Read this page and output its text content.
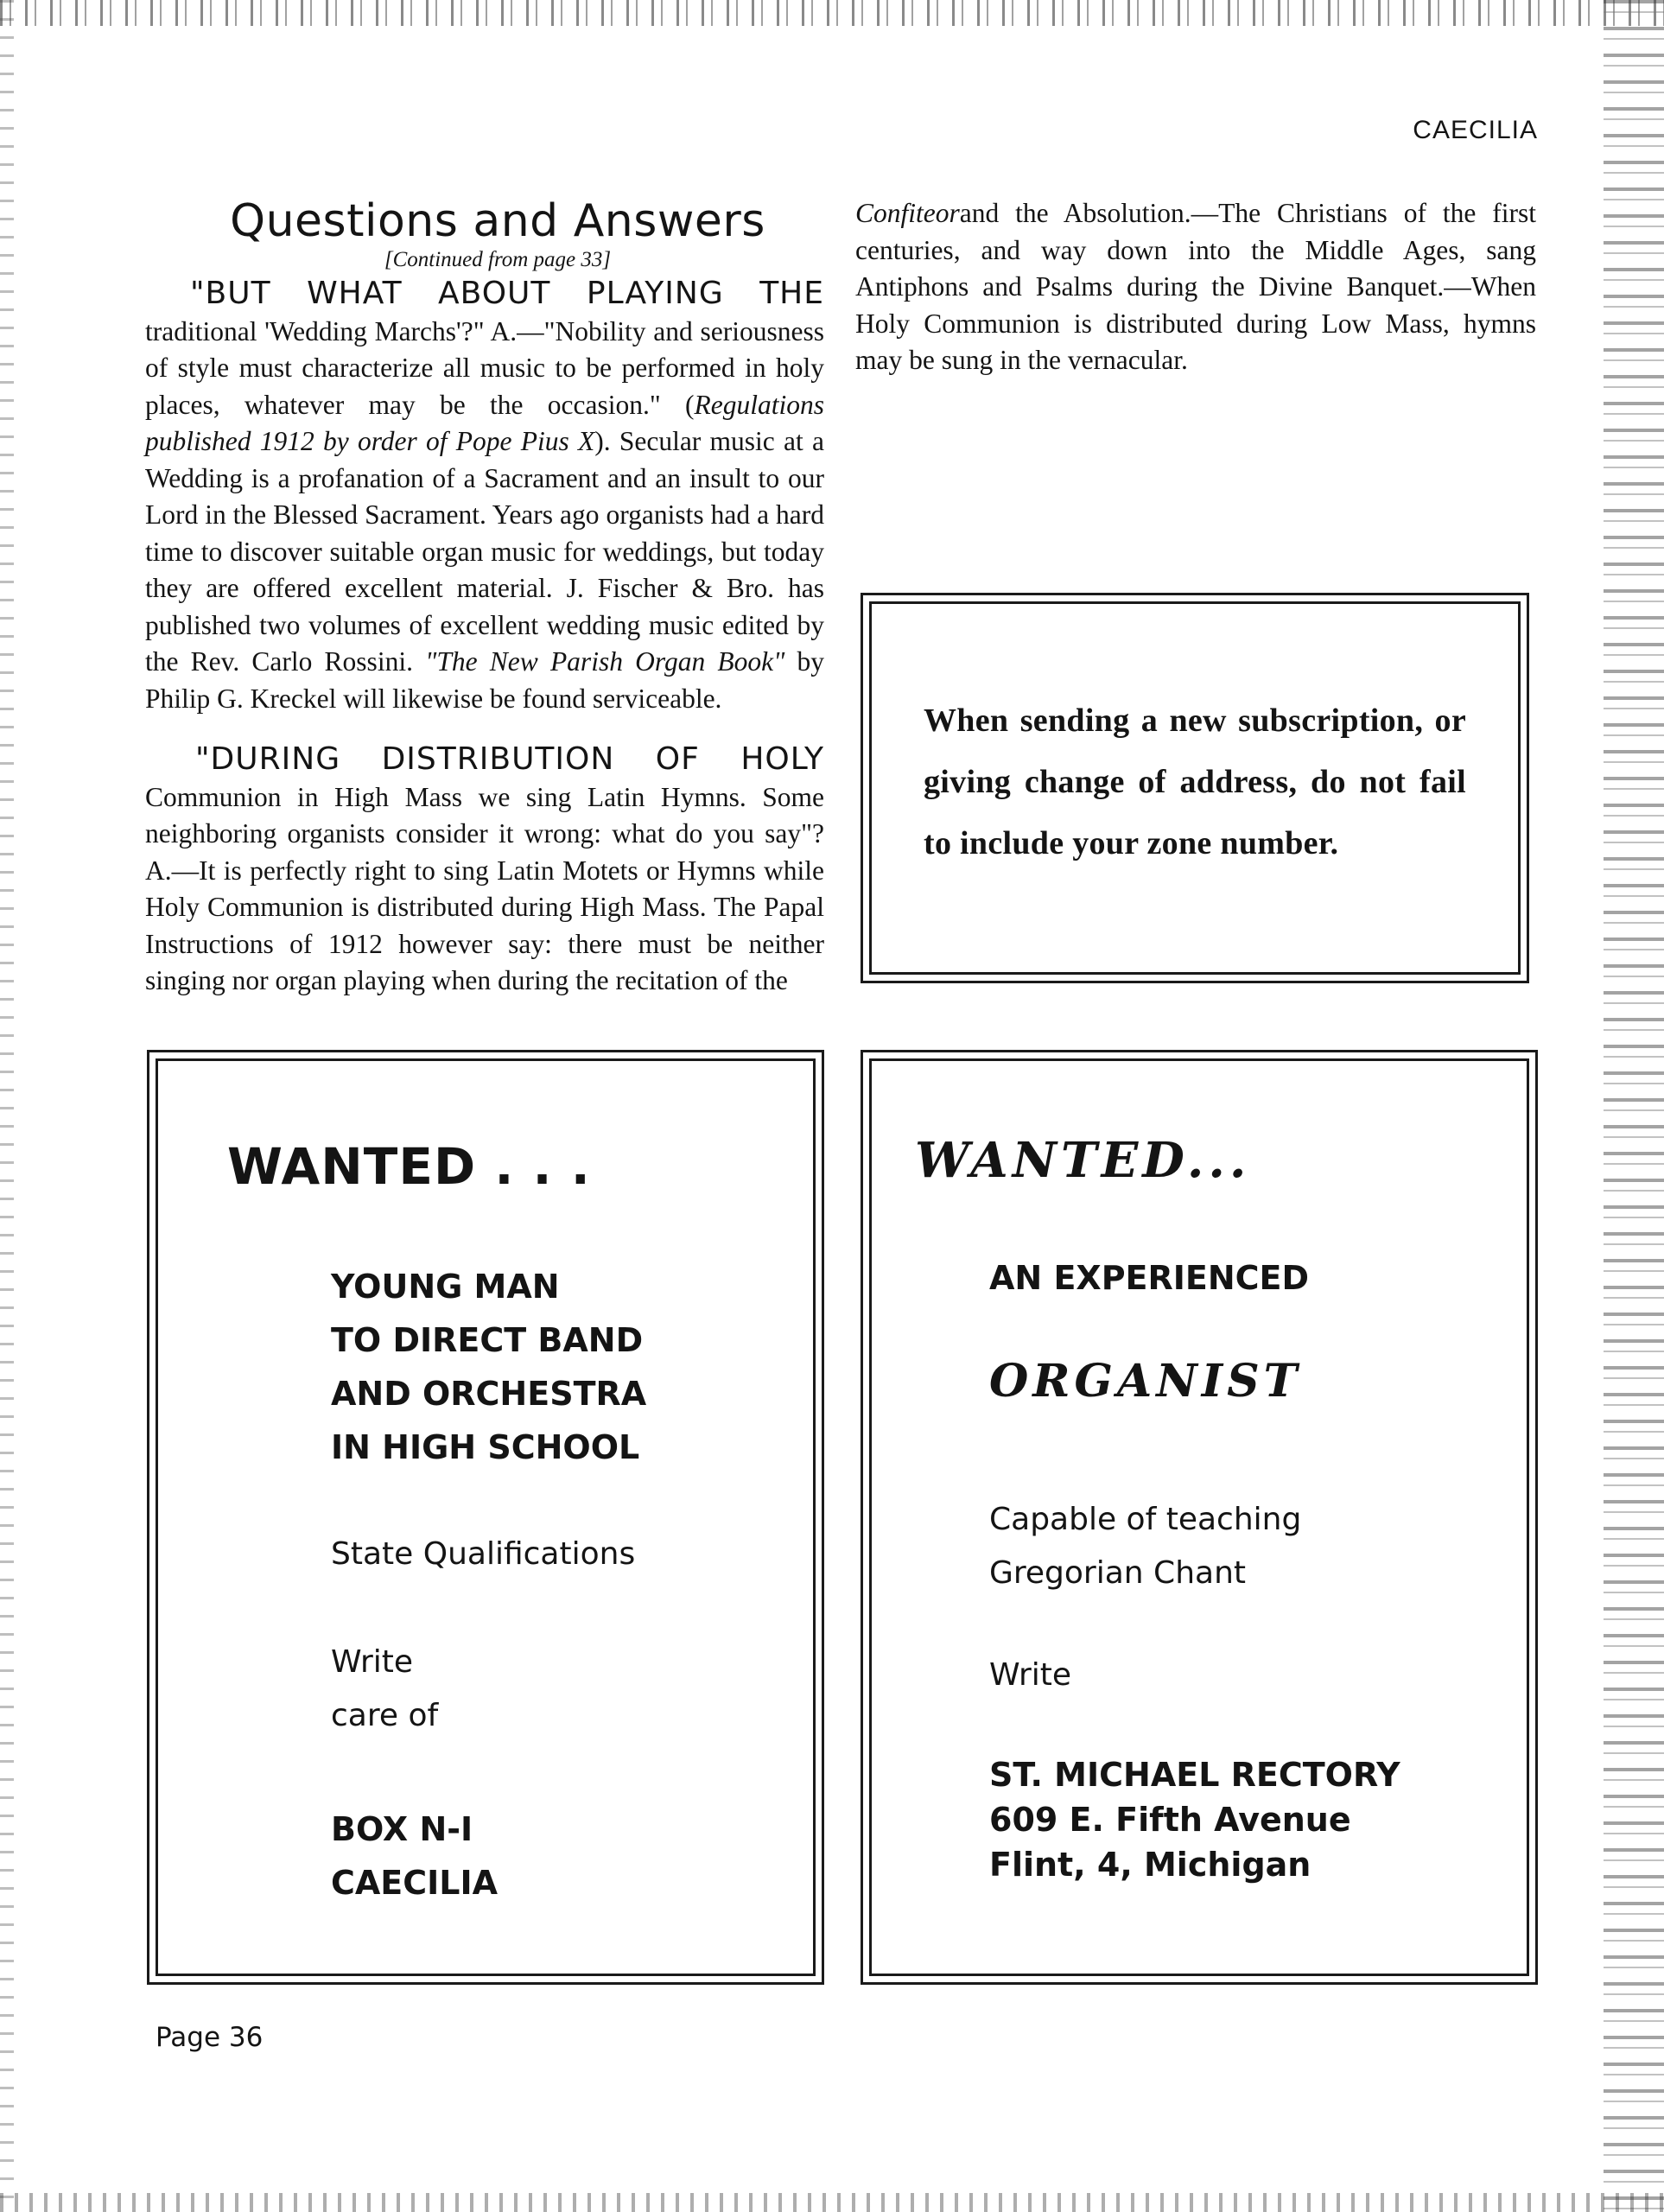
CAECILIA
Questions and Answers
[Continued from page 33]

"BUT WHAT ABOUT PLAYING THE traditional 'Wedding Marchs'?" A.—"Nobility and seriousness of style must characterize all music to be performed in holy places, whatever may be the occasion." (Regulations published 1912 by order of Pope Pius X). Secular music at a Wedding is a profanation of a Sacrament and an insult to our Lord in the Blessed Sacrament. Years ago organists had a hard time to discover suitable organ music for weddings, but today they are offered excellent material. J. Fischer & Bro. has published two volumes of excellent wedding music edited by the Rev. Carlo Rossini. "The New Parish Organ Book" by Philip G. Kreckel will likewise be found serviceable.

"DURING DISTRIBUTION OF HOLY Communion in High Mass we sing Latin Hymns. Some neighboring organists consider it wrong: what do you say"? A.—It is perfectly right to sing Latin Motets or Hymns while Holy Communion is distributed during High Mass. The Papal Instructions of 1912 however say: there must be neither singing nor organ playing when during the recitation of the

When sending a new subscription, or giving change of address, do not fail to include your zone number.

WANTED . . .
YOUNG MAN
TO DIRECT BAND
AND ORCHESTRA
IN HIGH SCHOOL
State Qualifications
Write
care of
BOX N-I
CAECILIA
WANTED...
AN EXPERIENCED
ORGANIST
Capable of teaching
Gregorian Chant
Write
ST. MICHAEL RECTORY
609 E. Fifth Avenue
Flint, 4, Michigan
Page 36

Confiteorand the Absolution.—The Christians of the first centuries, and way down into the Middle Ages, sang Antiphons and Psalms during the Divine Banquet.—When Holy Communion is distributed during Low Mass, hymns may be sung in the vernacular.
